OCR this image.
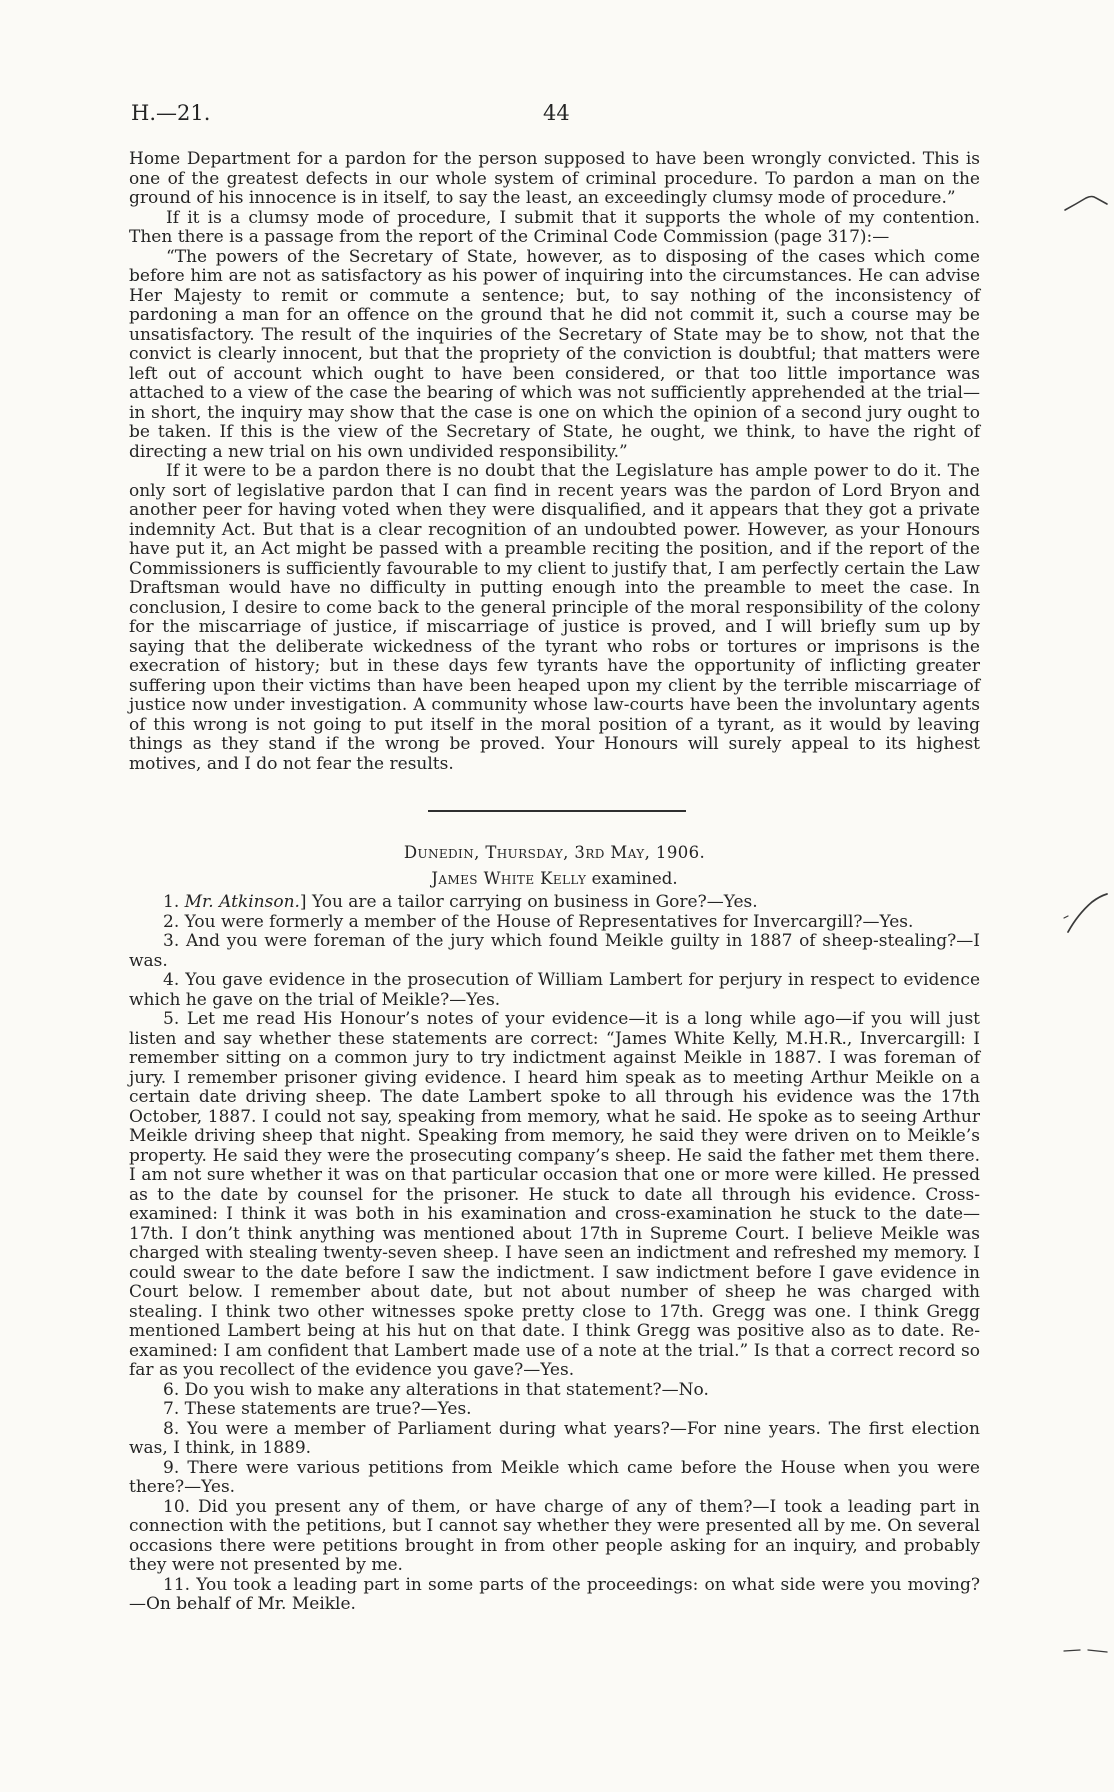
H.—21.	44

Home Department for a pardon for the person supposed to have been wrongly convicted. This is one of the greatest defects in our whole system of criminal procedure. To pardon a man on the ground of his innocence is in itself, to say the least, an exceedingly clumsy mode of procedure.”

If it is a clumsy mode of procedure, I submit that it supports the whole of my contention. Then there is a passage from the report of the Criminal Code Commission (page 317):—

“The powers of the Secretary of State, however, as to disposing of the cases which come before him are not as satisfactory as his power of inquiring into the circumstances. He can advise Her Majesty to remit or commute a sentence; but, to say nothing of the inconsistency of pardoning a man for an offence on the ground that he did not commit it, such a course may be unsatisfactory. The result of the inquiries of the Secretary of State may be to show, not that the convict is clearly innocent, but that the propriety of the conviction is doubtful; that matters were left out of account which ought to have been considered, or that too little importance was attached to a view of the case the bearing of which was not sufficiently apprehended at the trial—in short, the inquiry may show that the case is one on which the opinion of a second jury ought to be taken. If this is the view of the Secretary of State, he ought, we think, to have the right of directing a new trial on his own undivided responsibility.”

If it were to be a pardon there is no doubt that the Legislature has ample power to do it. The only sort of legislative pardon that I can find in recent years was the pardon of Lord Bryon and another peer for having voted when they were disqualified, and it appears that they got a private indemnity Act. But that is a clear recognition of an undoubted power. However, as your Honours have put it, an Act might be passed with a preamble reciting the position, and if the report of the Commissioners is sufficiently favourable to my client to justify that, I am perfectly certain the Law Draftsman would have no difficulty in putting enough into the preamble to meet the case. In conclusion, I desire to come back to the general principle of the moral responsibility of the colony for the miscarriage of justice, if miscarriage of justice is proved, and I will briefly sum up by saying that the deliberate wickedness of the tyrant who robs or tortures or imprisons is the execration of history; but in these days few tyrants have the opportunity of inflicting greater suffering upon their victims than have been heaped upon my client by the terrible miscarriage of justice now under investigation. A community whose law-courts have been the involuntary agents of this wrong is not going to put itself in the moral position of a tyrant, as it would by leaving things as they stand if the wrong be proved. Your Honours will surely appeal to its highest motives, and I do not fear the results.

Dunedin, Thursday, 3rd May, 1906.
James White Kelly examined.

1. Mr. Atkinson.] You are a tailor carrying on business in Gore?—Yes.

2. You were formerly a member of the House of Representatives for Invercargill?—Yes.

3. And you were foreman of the jury which found Meikle guilty in 1887 of sheep-stealing?—I was.

4. You gave evidence in the prosecution of William Lambert for perjury in respect to evidence which he gave on the trial of Meikle?—Yes.

5. Let me read His Honour’s notes of your evidence—it is a long while ago—if you will just listen and say whether these statements are correct: “James White Kelly, M.H.R., Invercargill: I remember sitting on a common jury to try indictment against Meikle in 1887. I was foreman of jury. I remember prisoner giving evidence. I heard him speak as to meeting Arthur Meikle on a certain date driving sheep. The date Lambert spoke to all through his evidence was the 17th October, 1887. I could not say, speaking from memory, what he said. He spoke as to seeing Arthur Meikle driving sheep that night. Speaking from memory, he said they were driven on to Meikle’s property. He said they were the prosecuting company’s sheep. He said the father met them there. I am not sure whether it was on that particular occasion that one or more were killed. He pressed as to the date by counsel for the prisoner. He stuck to date all through his evidence. Cross-examined: I think it was both in his examination and cross-examination he stuck to the date—17th. I don’t think anything was mentioned about 17th in Supreme Court. I believe Meikle was charged with stealing twenty-seven sheep. I have seen an indictment and refreshed my memory. I could swear to the date before I saw the indictment. I saw indictment before I gave evidence in Court below. I remember about date, but not about number of sheep he was charged with stealing. I think two other witnesses spoke pretty close to 17th. Gregg was one. I think Gregg mentioned Lambert being at his hut on that date. I think Gregg was positive also as to date. Re-examined: I am confident that Lambert made use of a note at the trial.” Is that a correct record so far as you recollect of the evidence you gave?—Yes.

6. Do you wish to make any alterations in that statement?—No.

7. These statements are true?—Yes.

8. You were a member of Parliament during what years?—For nine years. The first election was, I think, in 1889.

9. There were various petitions from Meikle which came before the House when you were there?—Yes.

10. Did you present any of them, or have charge of any of them?—I took a leading part in connection with the petitions, but I cannot say whether they were presented all by me. On several occasions there were petitions brought in from other people asking for an inquiry, and probably they were not presented by me.

11. You took a leading part in some parts of the proceedings: on what side were you moving?—On behalf of Mr. Meikle.
